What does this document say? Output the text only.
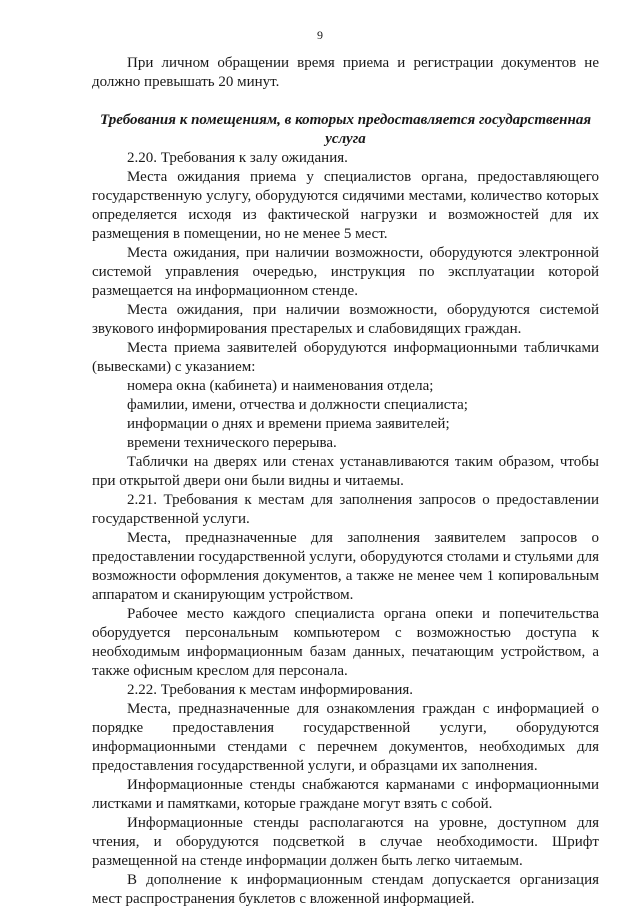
9

При личном обращении время приема и регистрации документов не должно превышать 20 минут.

Требования к помещениям, в которых предоставляется государственная услуга

2.20. Требования к залу ожидания.

Места ожидания приема у специалистов органа, предоставляющего государственную услугу, оборудуются сидячими местами, количество которых определяется исходя из фактической нагрузки и возможностей для их размещения в помещении, но не менее 5 мест.

Места ожидания, при наличии возможности, оборудуются электронной системой управления очередью, инструкция по эксплуатации которой размещается на информационном стенде.

Места ожидания, при наличии возможности, оборудуются системой звукового информирования престарелых и слабовидящих граждан.

Места приема заявителей оборудуются информационными табличками (вывесками) с указанием:

номера окна (кабинета) и наименования отдела;

фамилии, имени, отчества и должности специалиста;

информации о днях и времени приема заявителей;

времени технического перерыва.

Таблички на дверях или стенах устанавливаются таким образом, чтобы при открытой двери они были видны и читаемы.

2.21. Требования к местам для заполнения запросов о предоставлении государственной услуги.

Места, предназначенные для заполнения заявителем запросов о предоставлении государственной услуги, оборудуются столами и стульями для возможности оформления документов, а также не менее чем 1 копировальным аппаратом и сканирующим устройством.

Рабочее место каждого специалиста органа опеки и попечительства оборудуется персональным компьютером с возможностью доступа к необходимым информационным базам данных, печатающим устройством, а также офисным креслом для персонала.

2.22. Требования к местам информирования.

Места, предназначенные для ознакомления граждан с информацией о порядке предоставления государственной услуги, оборудуются информационными стендами с перечнем документов, необходимых для предоставления государственной услуги, и образцами их заполнения.

Информационные стенды снабжаются карманами с информационными листками и памятками, которые граждане могут взять с собой.

Информационные стенды располагаются на уровне, доступном для чтения, и оборудуются подсветкой в случае необходимости. Шрифт размещенной на стенде информации должен быть легко читаемым.

В дополнение к информационным стендам допускается организация мест распространения буклетов с вложенной информацией.
